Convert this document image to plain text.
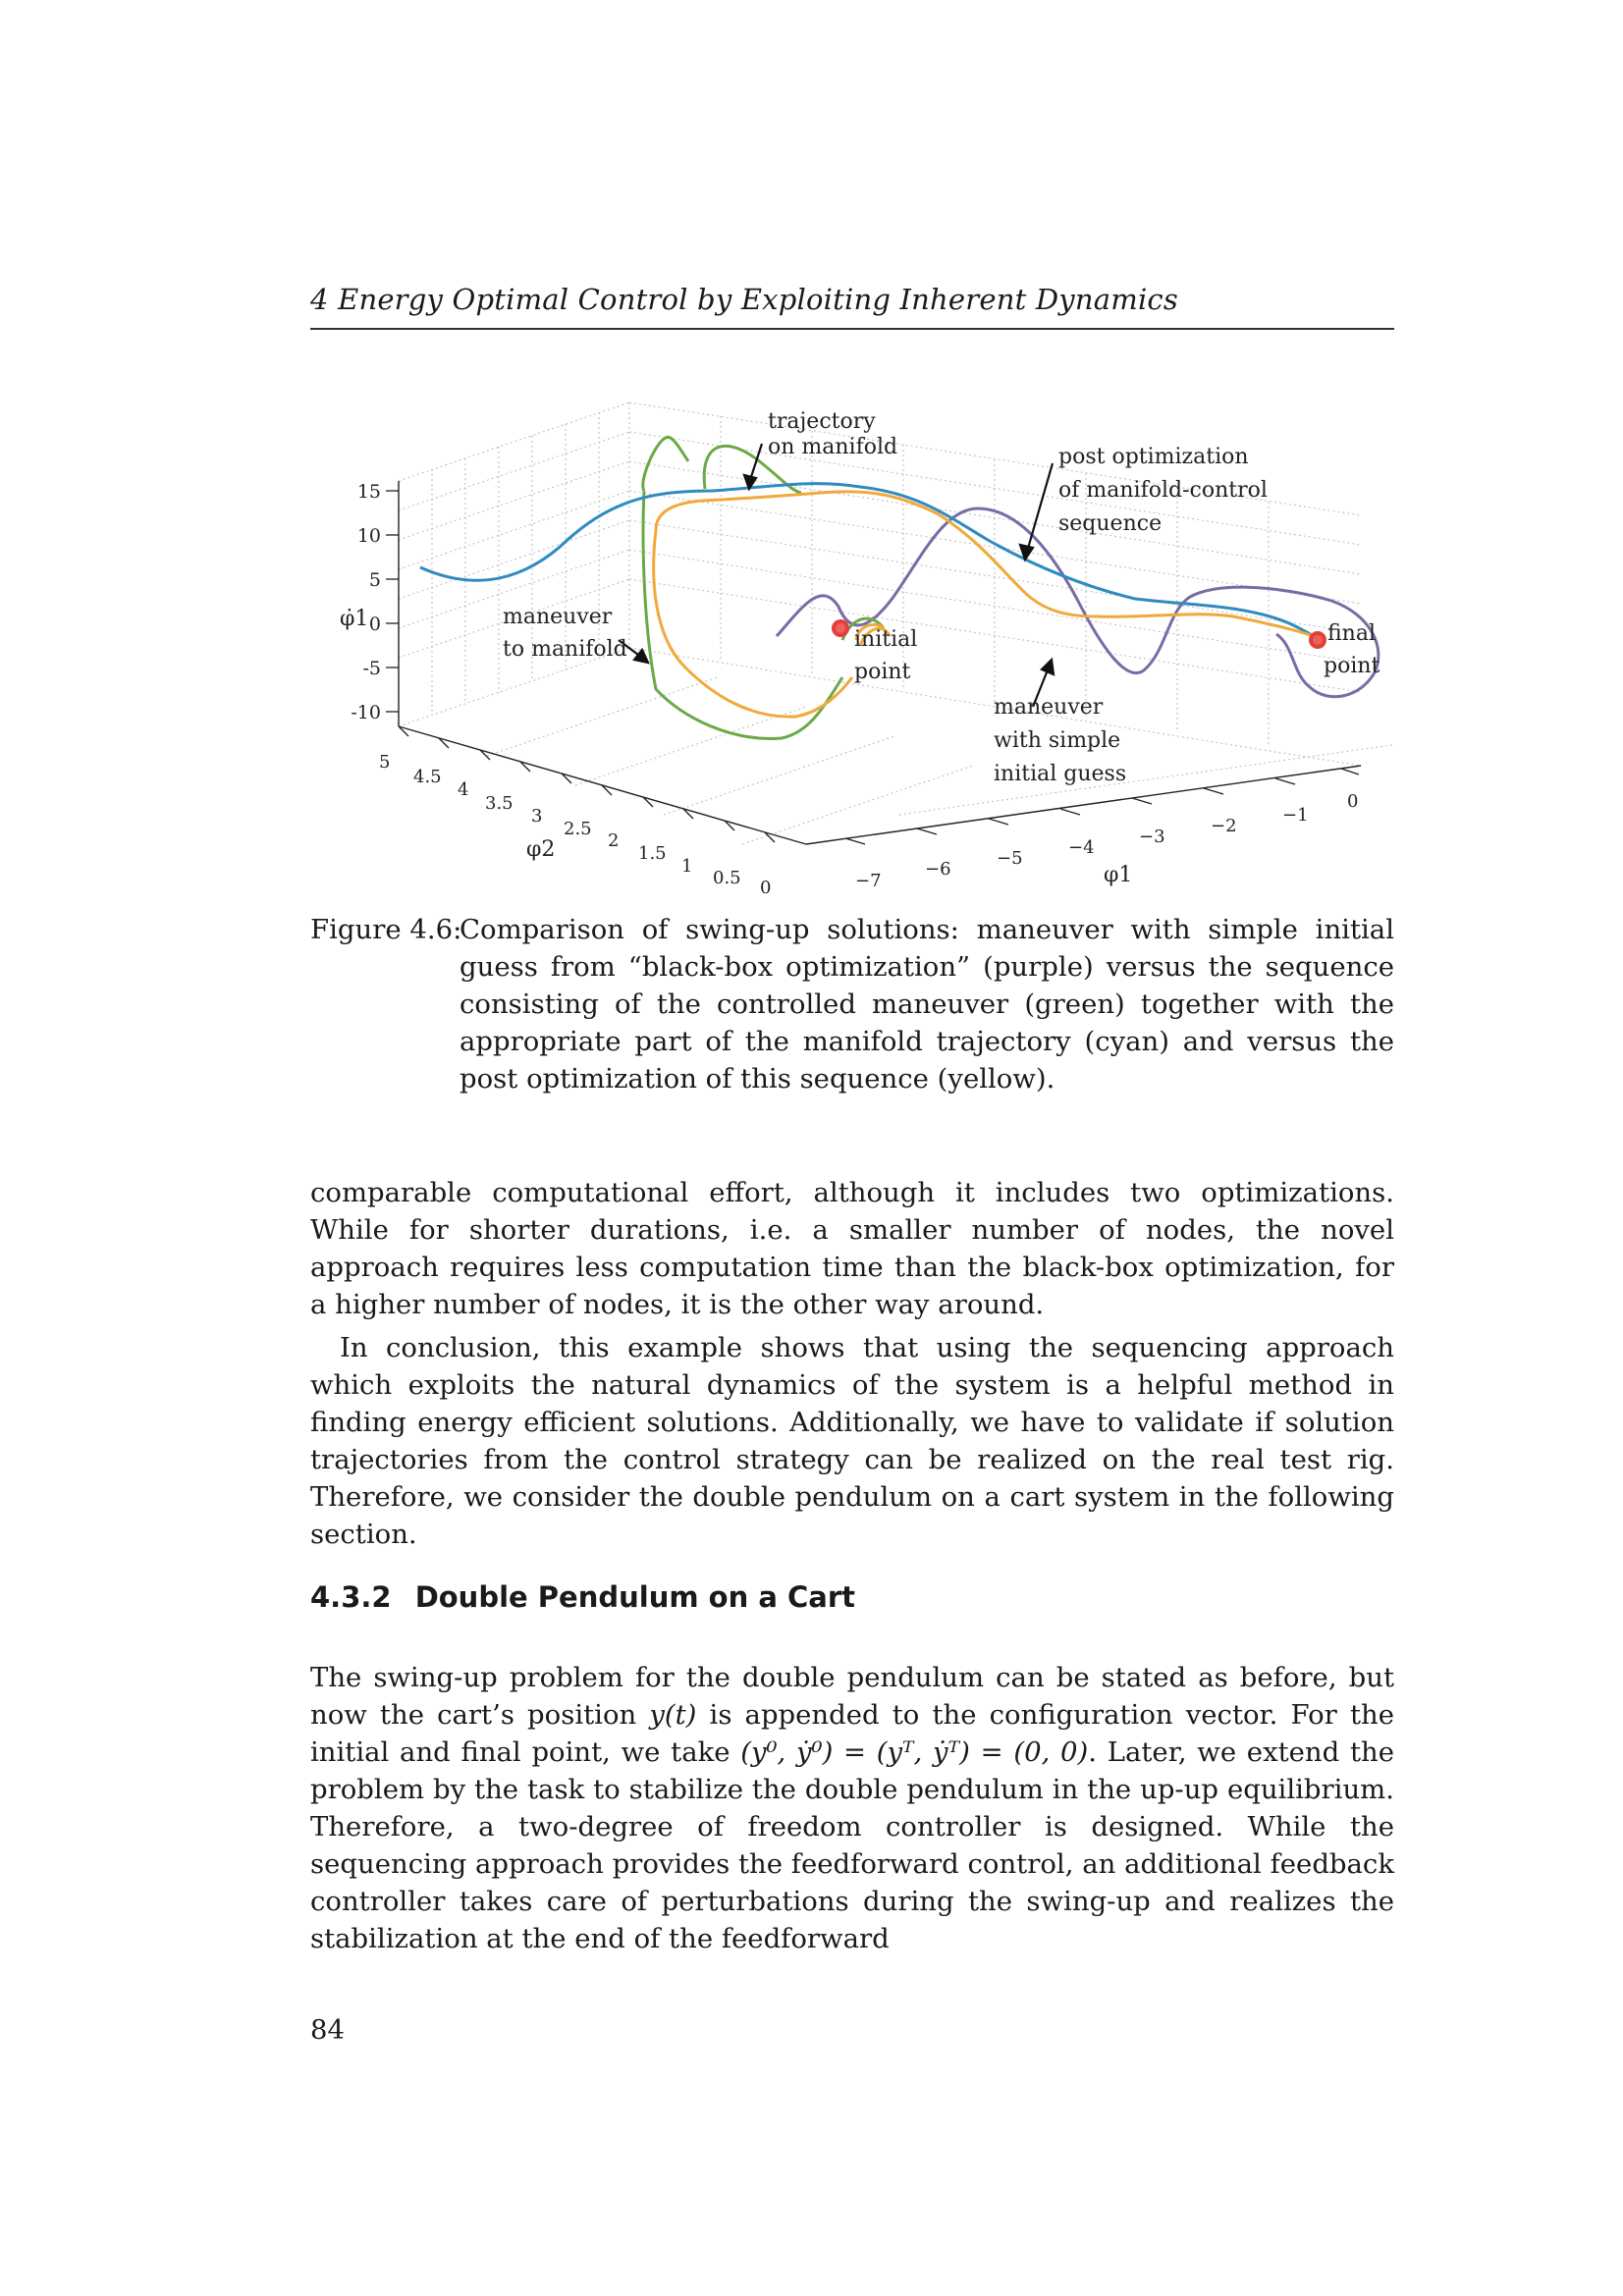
4 Energy Optimal Control by Exploiting Inherent Dynamics
15
10
5
0
-5
-10
φ̇1
5
4.5
4
3.5
3
2.5
2
1.5
1
0.5 0
φ2
−7
−6
−5
−4
−3
−2
−1
0
φ1
trajectory
on manifold	post optimization
of manifold-control
sequence
maneuver
to manifold	initial
point
final
point
maneuver
with simple
initial guess
Figure 4.6:
Comparison of swing-up solutions: maneuver with simple initial guess from “black-box optimization” (purple) versus the sequence consisting of the controlled maneuver (green) together with the appropriate part of the manifold trajectory (cyan) and versus the post optimization of this sequence (yellow).

comparable computational effort, although it includes two optimizations. While for shorter durations, i.e. a smaller number of nodes, the novel approach requires less computation time than the black-box optimization, for a higher number of nodes, it is the other way around.

In conclusion, this example shows that using the sequencing approach which exploits the natural dynamics of the system is a helpful method in finding energy efficient solutions. Additionally, we have to validate if solution trajectories from the control strategy can be realized on the real test rig. Therefore, we consider the double pendulum on a cart system in the following section.

4.3.2 Double Pendulum on a Cart

The swing-up problem for the double pendulum can be stated as before, but now the cart’s position y(t) is appended to the configuration vector. For the initial and final point, we take (y⁰, ẏ⁰) = (yᵀ, ẏᵀ) = (0, 0). Later, we extend the problem by the task to stabilize the double pendulum in the up-up equilibrium. Therefore, a two-degree of freedom controller is designed. While the sequencing approach provides the feedforward control, an additional feedback controller takes care of perturbations during the swing-up and realizes the stabilization at the end of the feedforward

84
